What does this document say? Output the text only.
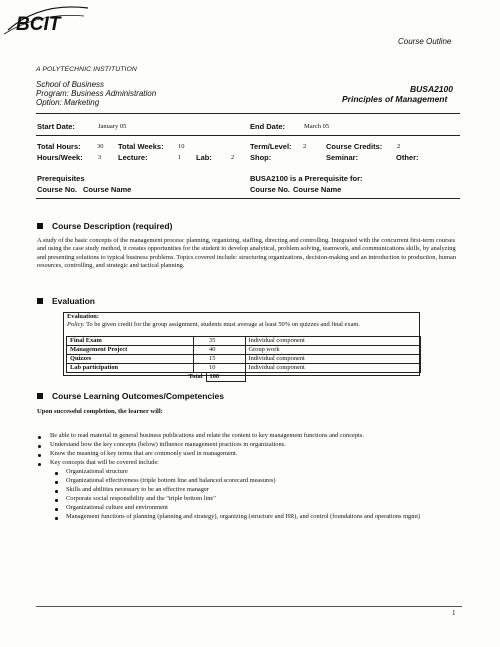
BCIT
A POLYTECHNIC INSTITUTION
Course Outline
School of Business
Program: Business Administration
Option: Marketing
BUSA2100
Principles of Management
Start Date:	January 05	End Date:	March 05
Total Hours:	30 Total Weeks: 10	Term/Level: 2	Course Credits: 2
Hours/Week: 3 Lecture:	1 Lab:	2 Shop:	Seminar:	Other:
Prerequisites	BUSA2100 is a Prerequisite for:
Course No. Course Name	Course No. Course Name
Course Description (required)
A study of the basic concepts of the management process: planning, organizing, staffing, directing and controlling. Integrated with the concurrent first-term courses and using the case study method, it creates opportunities for the student to develop analytical, problem solving, teamwork, and communications skills, by analyzing and presenting solutions to typical business problems. Topics covered include: structuring organizations, decision-making and an introduction to production, human resources, controlling, and strategic and tactical planning.
Evaluation
Evaluation:
Policy. To be given credit for the group assignment, students must average at least 50% on quizzes and final exam.
Final Exam		35	Individual component
Management Project		40	Group work
Quizzes		15	Individual component
Lab participation		10	Individual component
Total		100	
Course Learning Outcomes/Competencies
Upon successful completion, the learner will:
Be able to read material in general business publications and relate the content to key management functions and concepts.
Understand how the key concepts (below) influence management practices in organizations.
Know the meaning of key terms that are commonly used in management.
Key concepts that will be covered include:
Organizational structure
Organizational effectiveness (triple bottom line and balanced scorecard measures)
Skills and abilities necessary to be an effective manager
Corporate social responsibility and the "triple bottom line"
Organizational culture and environment
Management functions of planning (planning and strategy), organizing (structure and HR), and control (foundations and operations mgmt)
1
